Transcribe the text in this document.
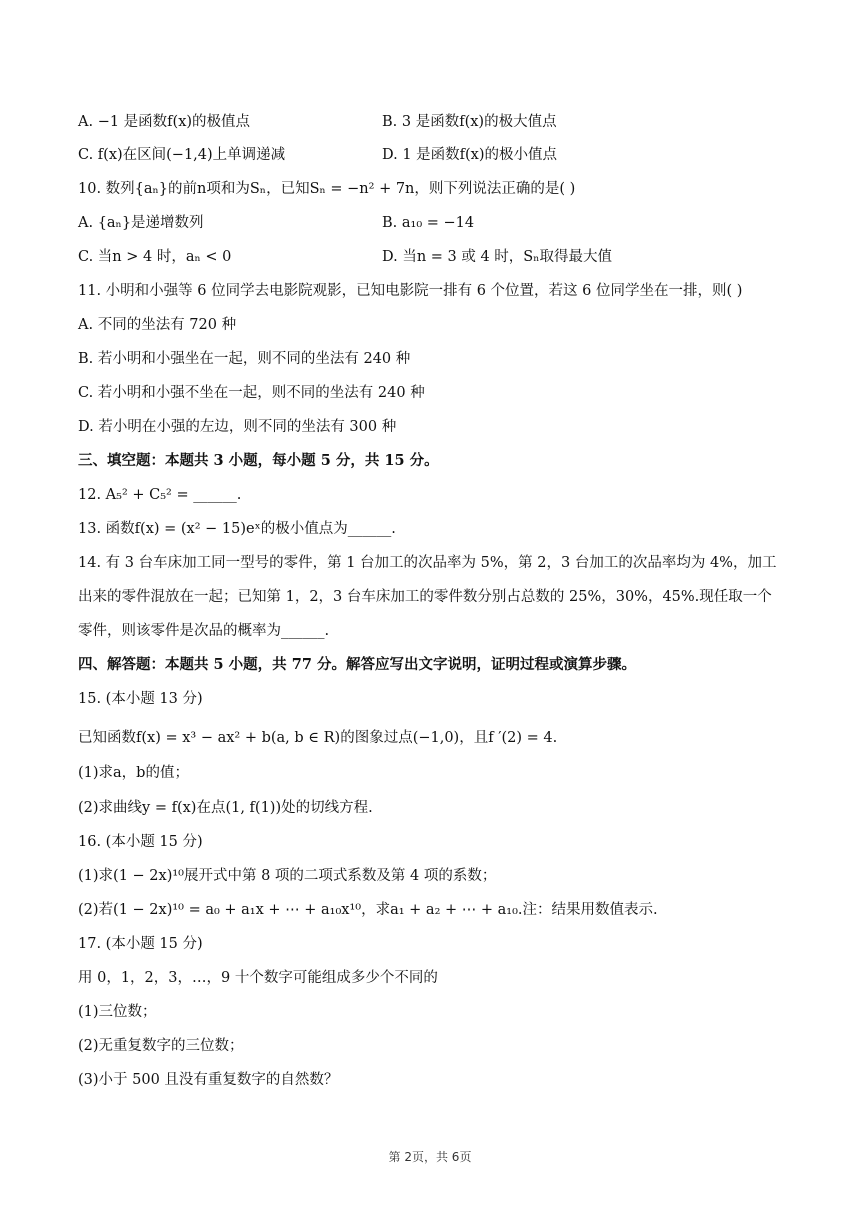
A. −1 是函数f(x)的极值点	B. 3 是函数f(x)的极大值点
C. f(x)在区间(−1,4)上单调递减	D. 1 是函数f(x)的极小值点
10. 数列{aₙ}的前n项和为Sₙ，已知Sₙ = −n² + 7n，则下列说法正确的是( )
A. {aₙ}是递增数列	B. a₁₀ = −14
C. 当n > 4 时，aₙ < 0	D. 当n = 3 或 4 时，Sₙ取得最大值
11. 小明和小强等 6 位同学去电影院观影，已知电影院一排有 6 个位置，若这 6 位同学坐在一排，则( )
A. 不同的坐法有 720 种
B. 若小明和小强坐在一起，则不同的坐法有 240 种
C. 若小明和小强不坐在一起，则不同的坐法有 240 种
D. 若小明在小强的左边，则不同的坐法有 300 种
三、填空题：本题共 3 小题，每小题 5 分，共 15 分。
12. A₅² + C₅² = ______.
13. 函数f(x) = (x² − 15)eˣ的极小值点为______.
14. 有 3 台车床加工同一型号的零件，第 1 台加工的次品率为 5%，第 2，3 台加工的次品率均为 4%，加工
出来的零件混放在一起；已知第 1，2，3 台车床加工的零件数分别占总数的 25%，30%，45%.现任取一个
零件，则该零件是次品的概率为______.
四、解答题：本题共 5 小题，共 77 分。解答应写出文字说明，证明过程或演算步骤。
15. (本小题 13 分)
已知函数f(x) = x³ − ax² + b(a, b ∈ R)的图象过点(−1,0)，且f ′(2) = 4.
(1)求a，b的值；
(2)求曲线y = f(x)在点(1, f(1))处的切线方程.
16. (本小题 15 分)
(1)求(1 − 2x)¹⁰展开式中第 8 项的二项式系数及第 4 项的系数；
(2)若(1 − 2x)¹⁰ = a₀ + a₁x + ⋯ + a₁₀x¹⁰，求a₁ + a₂ + ⋯ + a₁₀.注：结果用数值表示.
17. (本小题 15 分)
用 0，1，2，3，…，9 十个数字可能组成多少个不同的
(1)三位数；
(2)无重复数字的三位数；
(3)小于 500 且没有重复数字的自然数？
第 2页，共 6页
